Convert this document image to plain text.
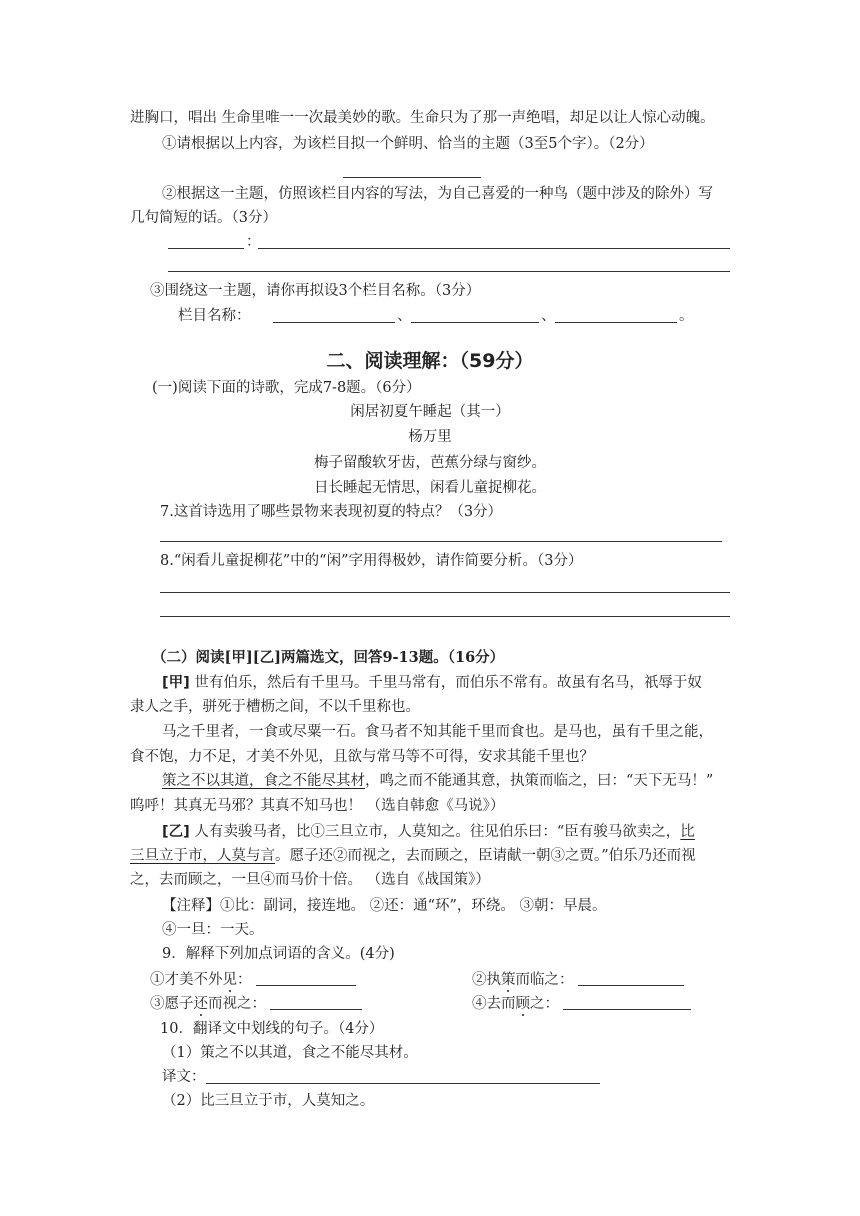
进胸口，唱出 生命里唯一一次最美妙的歌。生命只为了那一声绝唱，却足以让人惊心动魄。
①请根据以上内容，为该栏目拟一个鲜明、恰当的主题（3至5个字）。（2分）
②根据这一主题，仿照该栏目内容的写法，为自己喜爱的一种鸟（题中涉及的除外）写
几句简短的话。（3分）
：
③围绕这一主题，请你再拟设3个栏目名称。（3分）
栏目名称：	、	、	。
二、阅读理解：（59分）
(一)阅读下面的诗歌，完成7-8题。（6分）
闲居初夏午睡起（其一）
杨万里
梅子留酸软牙齿，芭蕉分绿与窗纱。
日长睡起无情思，闲看儿童捉柳花。
7.这首诗选用了哪些景物来表现初夏的特点？（3分）
8.“闲看儿童捉柳花”中的“闲”字用得极妙，请作简要分析。（3分）
（二）阅读[甲][乙]两篇选文，回答9-13题。（16分）
[甲] 世有伯乐，然后有千里马。千里马常有，而伯乐不常有。故虽有名马，祇辱于奴
隶人之手，骈死于槽枥之间，不以千里称也。
马之千里者，一食或尽粟一石。食马者不知其能千里而食也。是马也，虽有千里之能，
食不饱，力不足，才美不外见，且欲与常马等不可得，安求其能千里也？
策之不以其道，食之不能尽其材，鸣之而不能通其意，执策而临之，曰：“天下无马！”
呜呼！其真无马邪？其真不知马也！ （选自韩愈《马说》）
[乙] 人有卖骏马者，比①三旦立市，人莫知之。往见伯乐曰：“臣有骏马欲卖之，比
三旦立于市，人莫与言。愿子还②而视之，去而顾之，臣请献一朝③之贾。”伯乐乃还而视
之，去而顾之，一旦④而马价十倍。 （选自《战国策》）
【注释】①比：副词，接连地。 ②还：通“环”，环绕。 ③朝：早晨。
④一旦：一天。
9．解释下列加点词语的含义。(4分)
①才美不外见：	②执策而临之：
③愿子还而视之：	④去而顾之：
10．翻译文中划线的句子。（4分）
（1）策之不以其道，食之不能尽其材。
译文：
（2）比三旦立于市，人莫知之。
